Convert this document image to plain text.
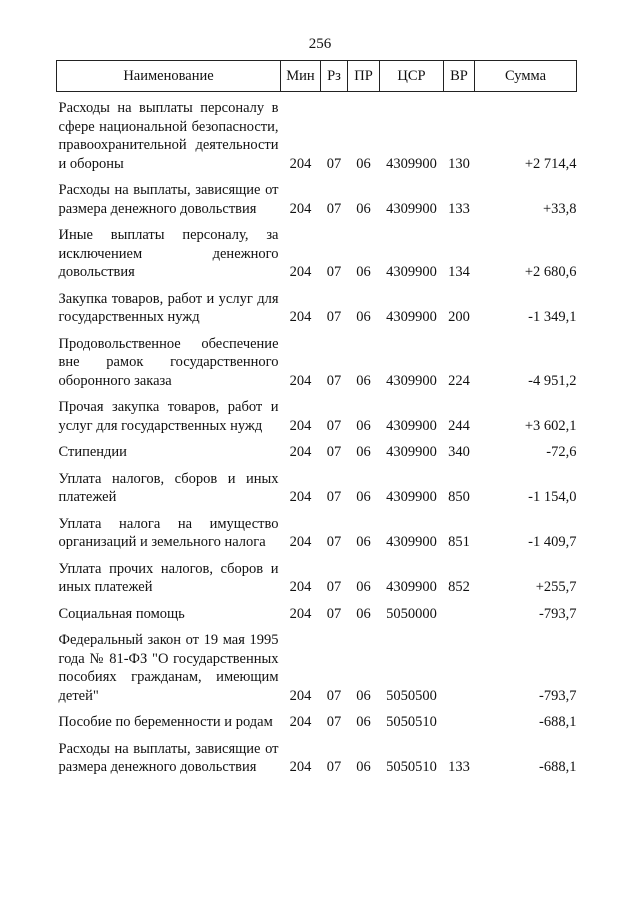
256
Наименование	Мин	Рз	ПР	ЦСР	ВР	Сумма
Расходы на выплаты персоналу в сфере национальной безопасности, правоохранительной деятельности и обороны	204	07	06	4309900	130	+2 714,4
Расходы на выплаты, зависящие от размера денежного довольствия	204	07	06	4309900	133	+33,8
Иные выплаты персоналу, за исключением денежного довольствия	204	07	06	4309900	134	+2 680,6
Закупка товаров, работ и услуг для государственных нужд	204	07	06	4309900	200	-1 349,1
Продовольственное обеспечение вне рамок государственного оборонного заказа	204	07	06	4309900	224	-4 951,2
Прочая закупка товаров, работ и услуг для государственных нужд	204	07	06	4309900	244	+3 602,1
Стипендии	204	07	06	4309900	340	-72,6
Уплата налогов, сборов и иных платежей	204	07	06	4309900	850	-1 154,0
Уплата налога на имущество организаций и земельного налога	204	07	06	4309900	851	-1 409,7
Уплата прочих налогов, сборов и иных платежей	204	07	06	4309900	852	+255,7
Социальная помощь	204	07	06	5050000		-793,7
Федеральный закон от 19 мая 1995 года № 81-ФЗ "О государственных пособиях гражданам, имеющим детей"	204	07	06	5050500		-793,7
Пособие по беременности и родам	204	07	06	5050510		-688,1
Расходы на выплаты, зависящие от размера денежного довольствия	204	07	06	5050510	133	-688,1
